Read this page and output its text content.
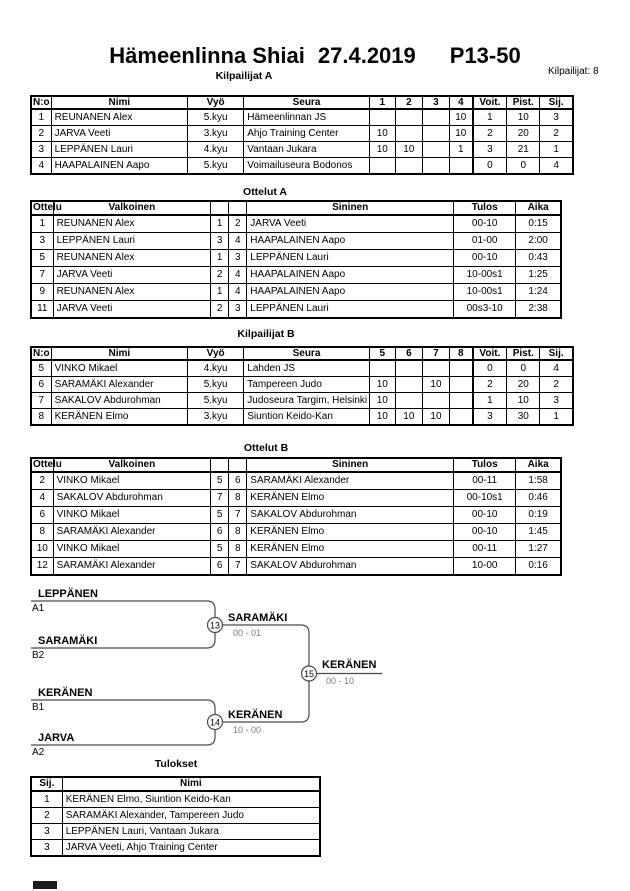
Hämeenlinna Shiai 27.4.2019 P13-50
Kilpailijat: 8
Kilpailijat A
N:o	Nimi	Vyö	Seura	1	2	3	4	Voit.	Pist.	Sij.
1	REUNANEN Alex	5.kyu	Hämeenlinnan JS				10	1	10	3
2	JARVA Veeti	3.kyu	Ahjo Training Center	10			10	2	20	2
3	LEPPÄNEN Lauri	4.kyu	Vantaan Jukara	10	10		1	3	21	1
4	HAAPALAINEN Aapo	5.kyu	Voimailuseura Bodonos					0	0	4
Ottelut A
Ottelu	Valkoinen			Sininen	Tulos	Aika
1	REUNANEN Alex	1	2	JARVA Veeti	00-10	0:15
3	LEPPÄNEN Lauri	3	4	HAAPALAINEN Aapo	01-00	2:00
5	REUNANEN Alex	1	3	LEPPÄNEN Lauri	00-10	0:43
7	JARVA Veeti	2	4	HAAPALAINEN Aapo	10-00s1	1:25
9	REUNANEN Alex	1	4	HAAPALAINEN Aapo	10-00s1	1:24
11	JARVA Veeti	2	3	LEPPÄNEN Lauri	00s3-10	2:38
Kilpailijat B
N:o	Nimi	Vyö	Seura	5	6	7	8	Voit.	Pist.	Sij.
5	VINKO Mikael	4.kyu	Lahden JS					0	0	4
6	SARAMÄKI Alexander	5.kyu	Tampereen Judo	10		10		2	20	2
7	SAKALOV Abdurohman	5.kyu	Judoseura Targim, Helsinki	10				1	10	3
8	KERÄNEN Elmo	3.kyu	Siuntion Keido-Kan	10	10	10		3	30	1
Ottelut B
Ottelu	Valkoinen			Sininen	Tulos	Aika
2	VINKO Mikael	5	6	SARAMÄKI Alexander	00-11	1:58
4	SAKALOV Abdurohman	7	8	KERÄNEN Elmo	00-10s1	0:46
6	VINKO Mikael	5	7	SAKALOV Abdurohman	00-10	0:19
8	SARAMÄKI Alexander	6	8	KERÄNEN Elmo	00-10	1:45
10	VINKO Mikael	5	8	KERÄNEN Elmo	00-11	1:27
12	SARAMÄKI Alexander	6	7	SAKALOV Abdurohman	10-00	0:16
13
14
15
LEPPÄNEN
A1
SARAMÄKI
B2
SARAMÄKI
00 - 01
KERÄNEN
B1
JARVA
A2
KERÄNEN
10 - 00
KERÄNEN
00 - 10
Tulokset
Sij.	Nimi
1	KERÄNEN Elmo, Siuntion Keido-Kan
2	SARAMÄKI Alexander, Tampereen Judo
3	LEPPÄNEN Lauri, Vantaan Jukara
3	JARVA Veeti, Ahjo Training Center
